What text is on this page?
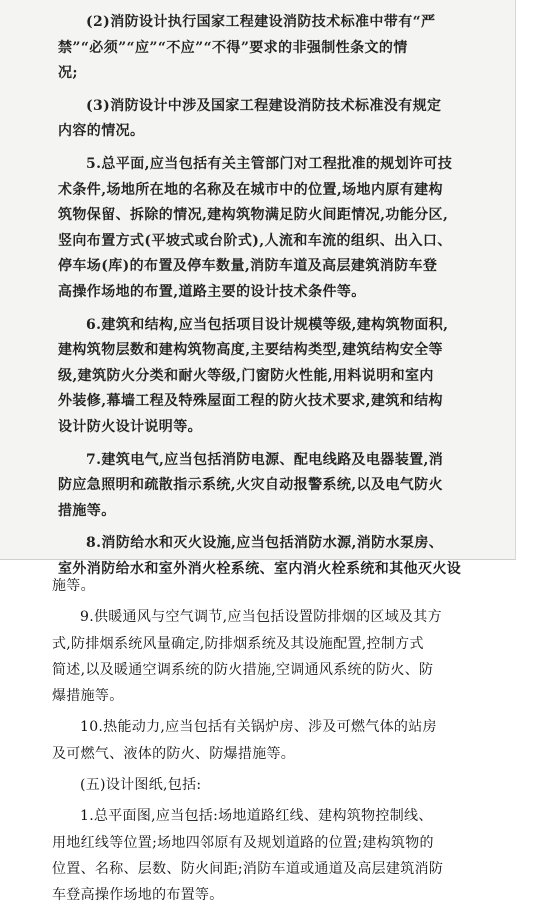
(2)消防设计执行国家工程建设消防技术标准中带有“严
禁”“必须”“应”“不应”“不得”要求的非强制性条文的情
况;
(3)消防设计中涉及国家工程建设消防技术标准没有规定
内容的情况。
5.总平面,应当包括有关主管部门对工程批准的规划许可技
术条件,场地所在地的名称及在城市中的位置,场地内原有建构
筑物保留、拆除的情况,建构筑物满足防火间距情况,功能分区,
竖向布置方式(平坡式或台阶式),人流和车流的组织、出入口、
停车场(库)的布置及停车数量,消防车道及高层建筑消防车登
高操作场地的布置,道路主要的设计技术条件等。
6.建筑和结构,应当包括项目设计规模等级,建构筑物面积,
建构筑物层数和建构筑物高度,主要结构类型,建筑结构安全等
级,建筑防火分类和耐火等级,门窗防火性能,用料说明和室内
外装修,幕墙工程及特殊屋面工程的防火技术要求,建筑和结构
设计防火设计说明等。
7.建筑电气,应当包括消防电源、配电线路及电器装置,消
防应急照明和疏散指示系统,火灾自动报警系统,以及电气防火
措施等。
8.消防给水和灭火设施,应当包括消防水源,消防水泵房、
室外消防给水和室外消火栓系统、室内消火栓系统和其他灭火设
施等。
9.供暖通风与空气调节,应当包括设置防排烟的区域及其方
式,防排烟系统风量确定,防排烟系统及其设施配置,控制方式
简述,以及暖通空调系统的防火措施,空调通风系统的防火、防
爆措施等。
10.热能动力,应当包括有关锅炉房、涉及可燃气体的站房
及可燃气、液体的防火、防爆措施等。
(五)设计图纸,包括:
1.总平面图,应当包括:场地道路红线、建构筑物控制线、
用地红线等位置;场地四邻原有及规划道路的位置;建构筑物的
位置、名称、层数、防火间距;消防车道或通道及高层建筑消防
车登高操作场地的布置等。
